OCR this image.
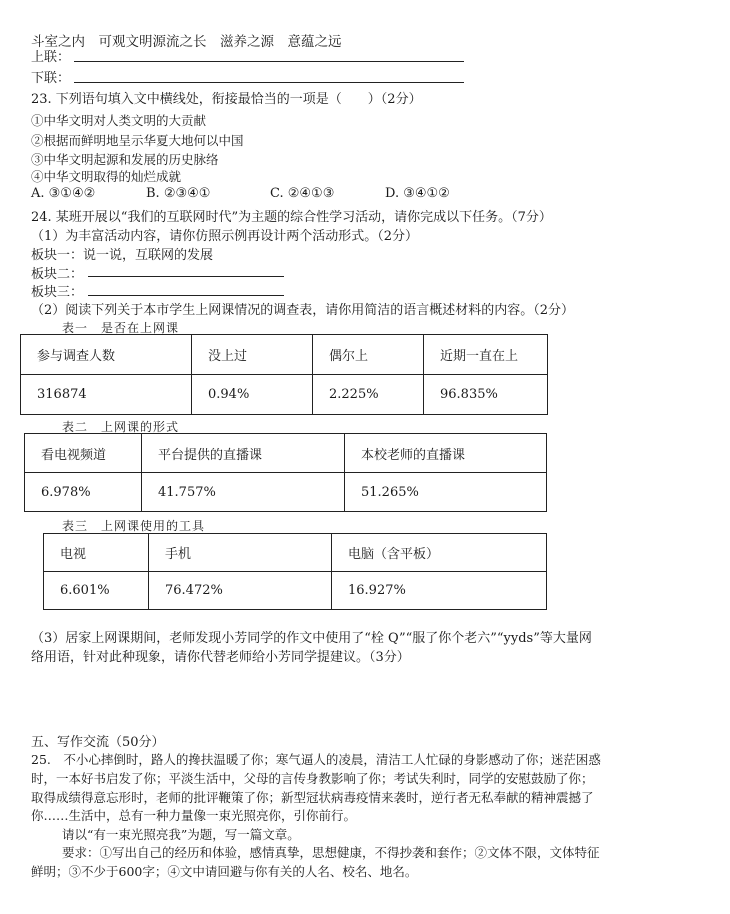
斗室之内　可观文明源流之长　滋养之源　意蕴之远
上联：
下联：
23. 下列语句填入文中横线处，衔接最恰当的一项是（　　）（2分）
①中华文明对人类文明的大贡献
②根据而鲜明地呈示华夏大地何以中国
③中华文明起源和发展的历史脉络
④中华文明取得的灿烂成就
A. ③①④②	B. ②③④①	C. ②④①③	D. ③④①②
24. 某班开展以“我们的互联网时代”为主题的综合性学习活动，请你完成以下任务。（7分）
（1）为丰富活动内容，请你仿照示例再设计两个活动形式。（2分）
板块一：说一说，互联网的发展
板块二：
板块三：
（2）阅读下列关于本市学生上网课情况的调查表，请你用简洁的语言概述材料的内容。（2分）
表一　是否在上网课
参与调查人数	没上过	偶尔上	近期一直在上
316874	0.94%	2.225%	96.835%
表二　上网课的形式
看电视频道	平台提供的直播课	本校老师的直播课
6.978%	41.757%	51.265%
表三　上网课使用的工具
电视	手机	电脑（含平板）
6.601%	76.472%	16.927%
（3）居家上网课期间，老师发现小芳同学的作文中使用了“栓 Q”“服了你个老六”“yyds”等大量网
络用语，针对此种现象，请你代替老师给小芳同学提建议。（3分）
五、写作交流（50分）
25.　不小心摔倒时，路人的搀扶温暖了你；寒气逼人的凌晨，清洁工人忙碌的身影感动了你；迷茫困惑
时，一本好书启发了你；平淡生活中，父母的言传身教影响了你；考试失利时，同学的安慰鼓励了你；
取得成绩得意忘形时，老师的批评鞭策了你；新型冠状病毒疫情来袭时，逆行者无私奉献的精神震撼了
你……生活中，总有一种力量像一束光照亮你，引你前行。
请以“有一束光照亮我”为题，写一篇文章。
要求：①写出自己的经历和体验，感情真挚，思想健康，不得抄袭和套作；②文体不限，文体特征
鲜明；③不少于600字；④文中请回避与你有关的人名、校名、地名。
